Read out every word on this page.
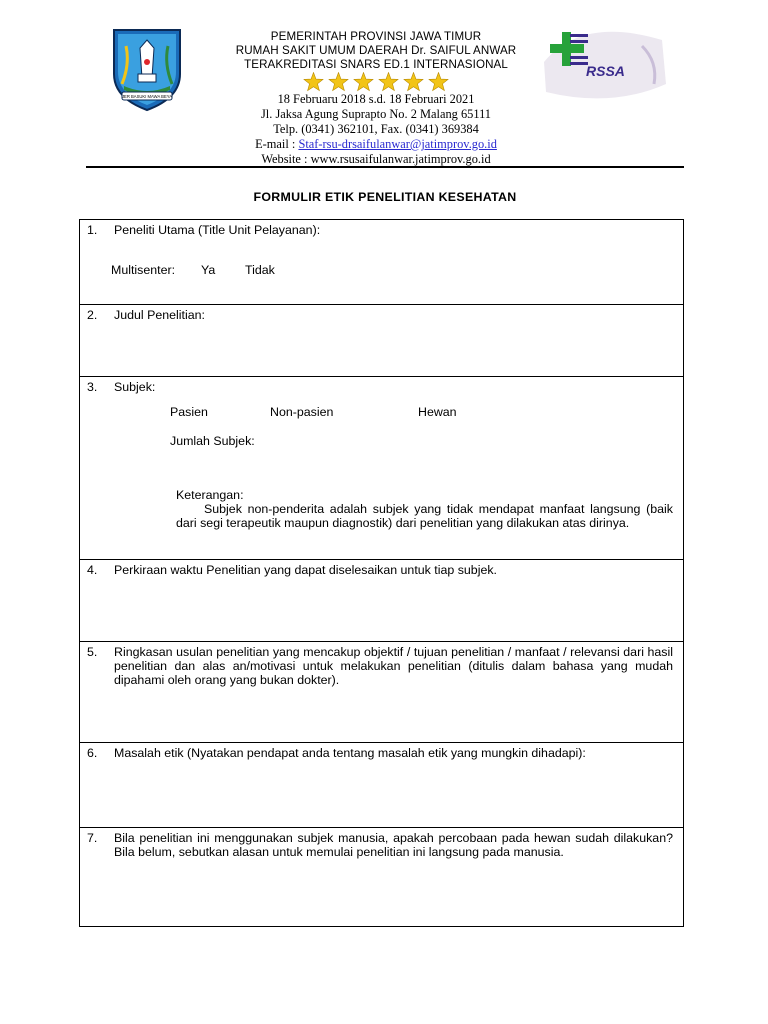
JER BASUKI MAWA BEYA
PEMERINTAH PROVINSI JAWA TIMUR
RUMAH SAKIT UMUM DAERAH Dr. SAIFUL ANWAR
TERAKREDITASI SNARS ED.1 INTERNASIONAL
18 Februaru 2018 s.d. 18 Februari 2021
Jl. Jaksa Agung Suprapto No. 2 Malang 65111
Telp. (0341) 362101, Fax. (0341) 369384
E-mail : Staf-rsu-drsaifulanwar@jatimprov.go.id
Website : www.rsusaifulanwar.jatimprov.go.id
RSSA
FORMULIR ETIK PENELITIAN KESEHATAN
1. Peneliti Utama (Title Unit Pelayanan):
Multisenter: Ya Tidak
2. Judul Penelitian:
3. Subjek:
Pasien	Non-pasien	Hewan
Jumlah Subjek:
Keterangan:
Subjek non-penderita adalah subjek yang tidak mendapat manfaat langsung (baik dari segi terapeutik maupun diagnostik) dari penelitian yang dilakukan atas dirinya.
4. Perkiraan waktu Penelitian yang dapat diselesaikan untuk tiap subjek.
5. Ringkasan usulan penelitian yang mencakup objektif / tujuan penelitian / manfaat / relevansi dari hasil penelitian dan alas an/motivasi untuk melakukan penelitian (ditulis dalam bahasa yang mudah dipahami oleh orang yang bukan dokter).
6. Masalah etik (Nyatakan pendapat anda tentang masalah etik yang mungkin dihadapi):
7. Bila penelitian ini menggunakan subjek manusia, apakah percobaan pada hewan sudah dilakukan? Bila belum, sebutkan alasan untuk memulai penelitian ini langsung pada manusia.
